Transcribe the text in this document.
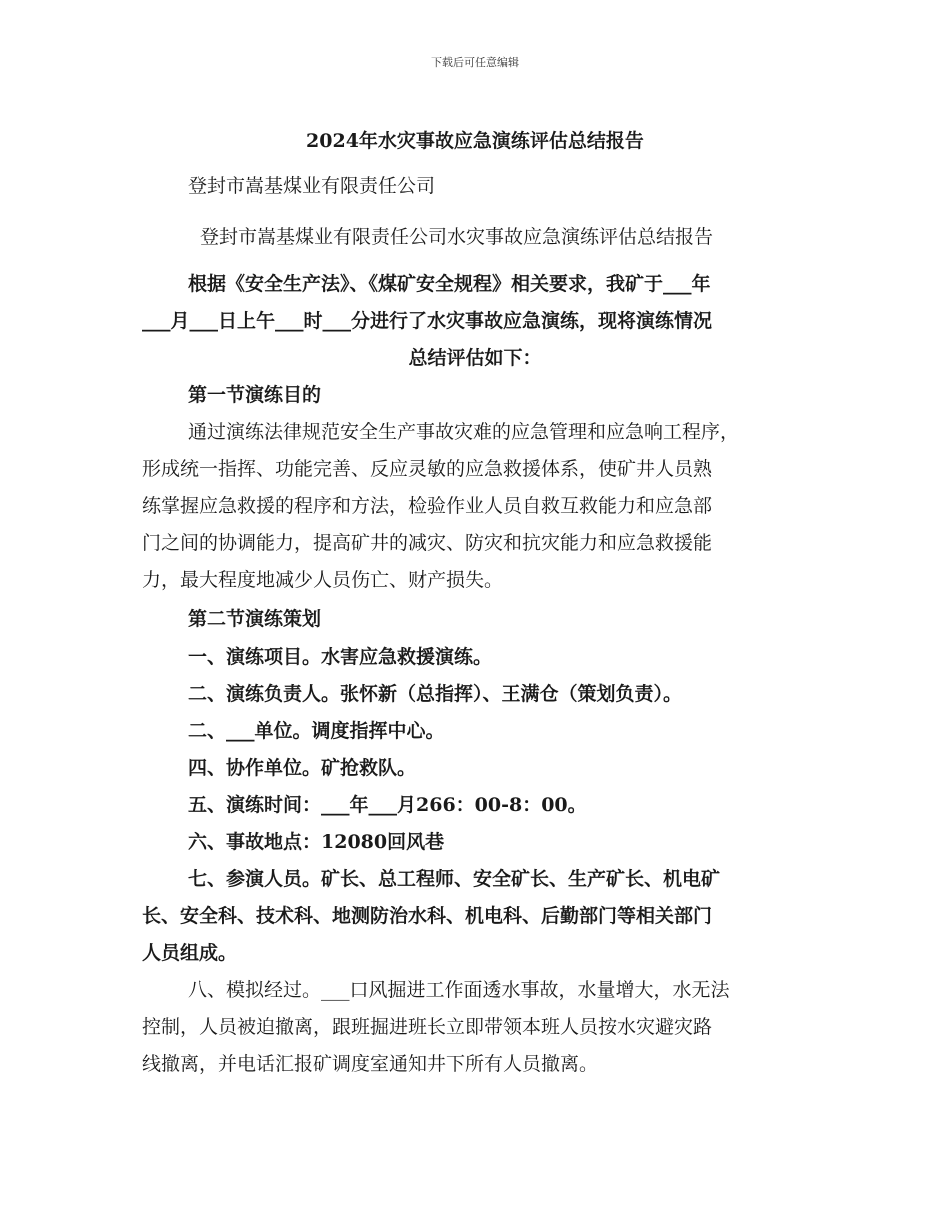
下载后可任意编辑
2024年水灾事故应急演练评估总结报告
登封市嵩基煤业有限责任公司
登封市嵩基煤业有限责任公司水灾事故应急演练评估总结报告
根据《安全生产法》、《煤矿安全规程》相关要求，我矿于___年
___月___日上午___时___分进行了水灾事故应急演练，现将演练情况
总结评估如下：
第一节演练目的
通过演练法律规范安全生产事故灾难的应急管理和应急响工程序，
形成统一指挥、功能完善、反应灵敏的应急救援体系，使矿井人员熟
练掌握应急救援的程序和方法，检验作业人员自救互救能力和应急部
门之间的协调能力，提高矿井的减灾、防灾和抗灾能力和应急救援能
力，最大程度地减少人员伤亡、财产损失。
第二节演练策划
一、演练项目。水害应急救援演练。
二、演练负责人。张怀新（总指挥）、王满仓（策划负责）。
二、___单位。调度指挥中心。
四、协作单位。矿抢救队。
五、演练时间：___年___月266：00-8：00。
六、事故地点：12080回风巷
七、参演人员。矿长、总工程师、安全矿长、生产矿长、机电矿
长、安全科、技术科、地测防治水科、机电科、后勤部门等相关部门
人员组成。
八、模拟经过。___口风掘进工作面透水事故，水量增大，水无法
控制，人员被迫撤离，跟班掘进班长立即带领本班人员按水灾避灾路
线撤离，并电话汇报矿调度室通知井下所有人员撤离。
